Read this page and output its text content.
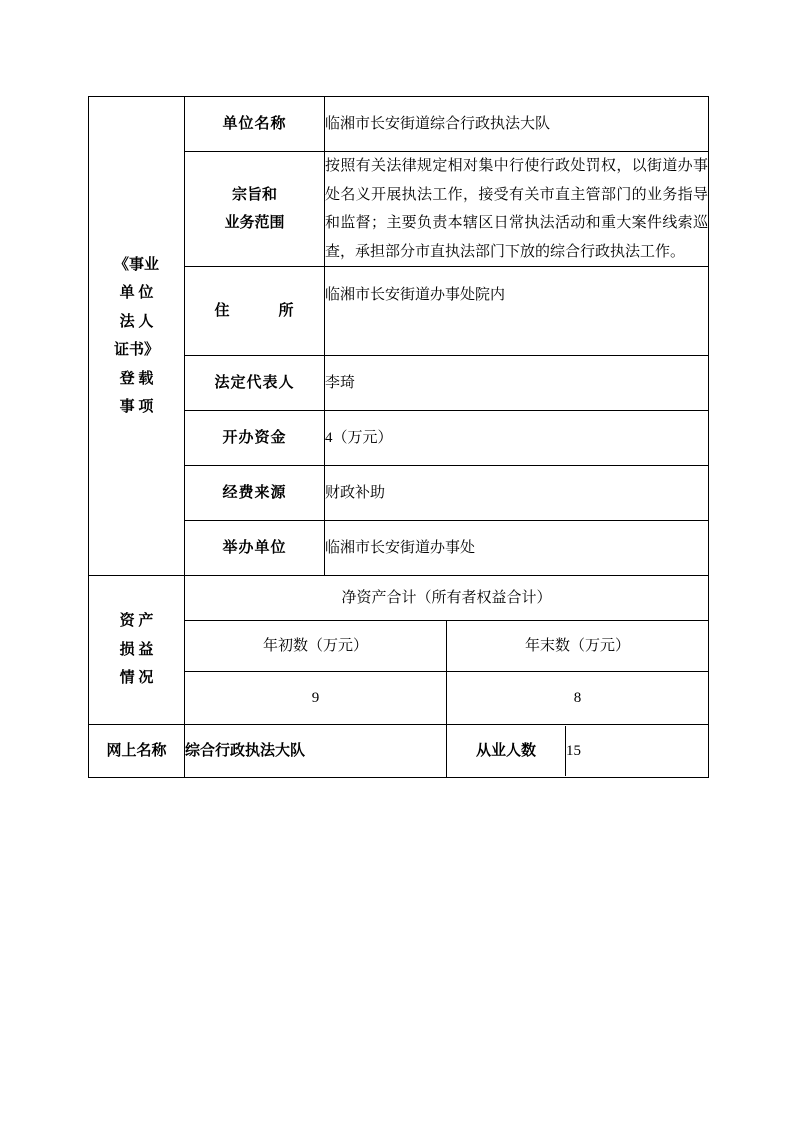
《事业
单 位
法 人
证书》
登 载
事 项
	单位名称	临湘市长安街道综合行政执法大队

宗旨和
业务范围
	按照有关法律规定相对集中行使行政处罚权，以街道办事处名义开展执法工作，接受有关市直主管部门的业务指导和监督；主要负责本辖区日常执法活动和重大案件线索巡查，承担部分市直执法部门下放的综合行政执法工作。
住　　　所	临湘市长安街道办事处院内
法定代表人	李琦
开办资金	4（万元）
经费来源	财政补助
举办单位	临湘市长安街道办事处

资 产
损 益
情 况
	净资产合计（所有者权益合计）
年初数（万元）	年末数（万元）
9	8
网上名称	综合行政执法大队		从业人数	15
